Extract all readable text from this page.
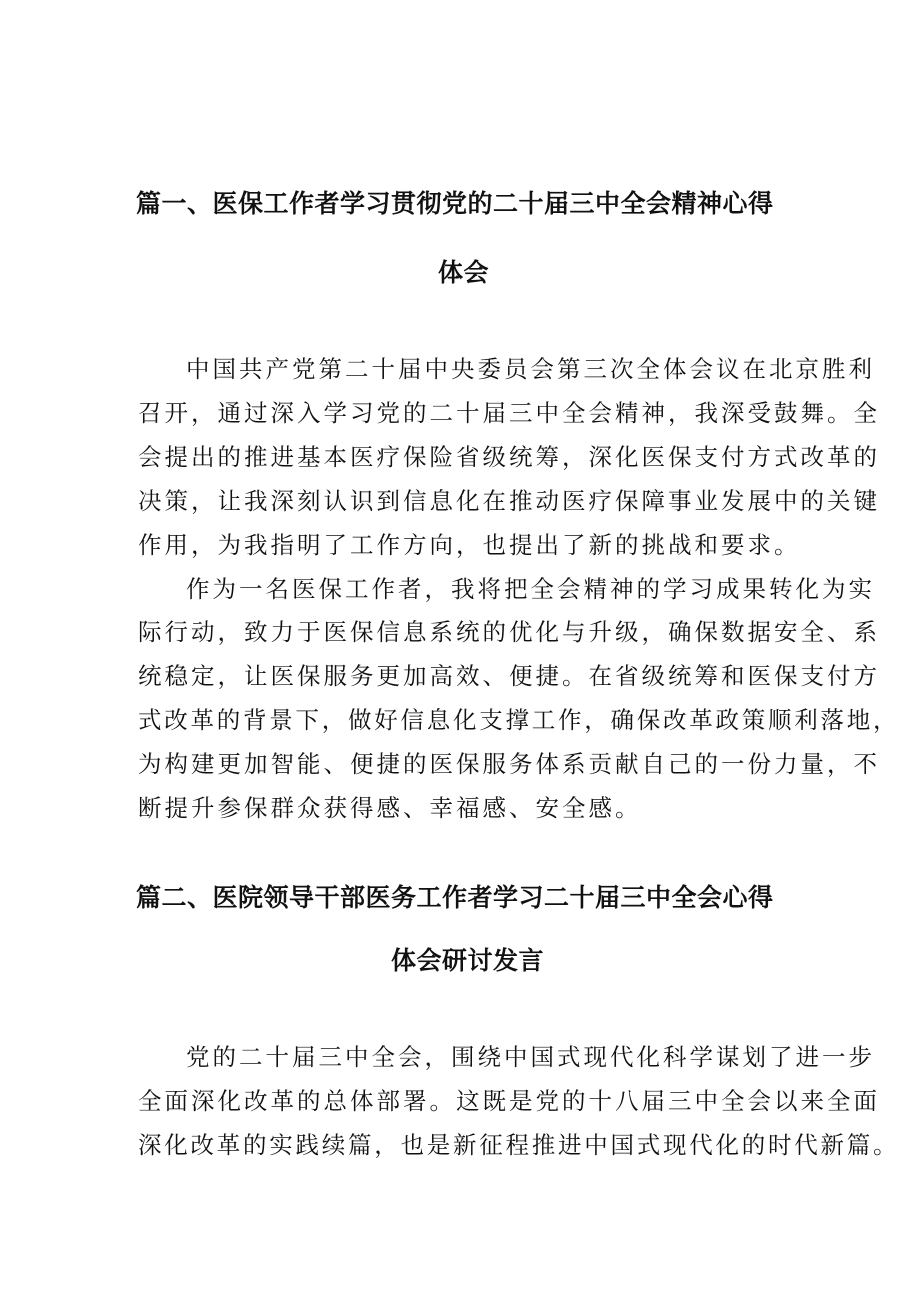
篇一、医保工作者学习贯彻党的二十届三中全会精神心得
体会
中国共产党第二十届中央委员会第三次全体会议在北京胜利
召开，通过深入学习党的二十届三中全会精神，我深受鼓舞。全
会提出的推进基本医疗保险省级统筹，深化医保支付方式改革的
决策，让我深刻认识到信息化在推动医疗保障事业发展中的关键
作用，为我指明了工作方向，也提出了新的挑战和要求。
作为一名医保工作者，我将把全会精神的学习成果转化为实
际行动，致力于医保信息系统的优化与升级，确保数据安全、系
统稳定，让医保服务更加高效、便捷。在省级统筹和医保支付方
式改革的背景下，做好信息化支撑工作，确保改革政策顺利落地，
为构建更加智能、便捷的医保服务体系贡献自己的一份力量，不
断提升参保群众获得感、幸福感、安全感。
篇二、医院领导干部医务工作者学习二十届三中全会心得
体会研讨发言
党的二十届三中全会，围绕中国式现代化科学谋划了进一步
全面深化改革的总体部署。这既是党的十八届三中全会以来全面
深化改革的实践续篇，也是新征程推进中国式现代化的时代新篇。
